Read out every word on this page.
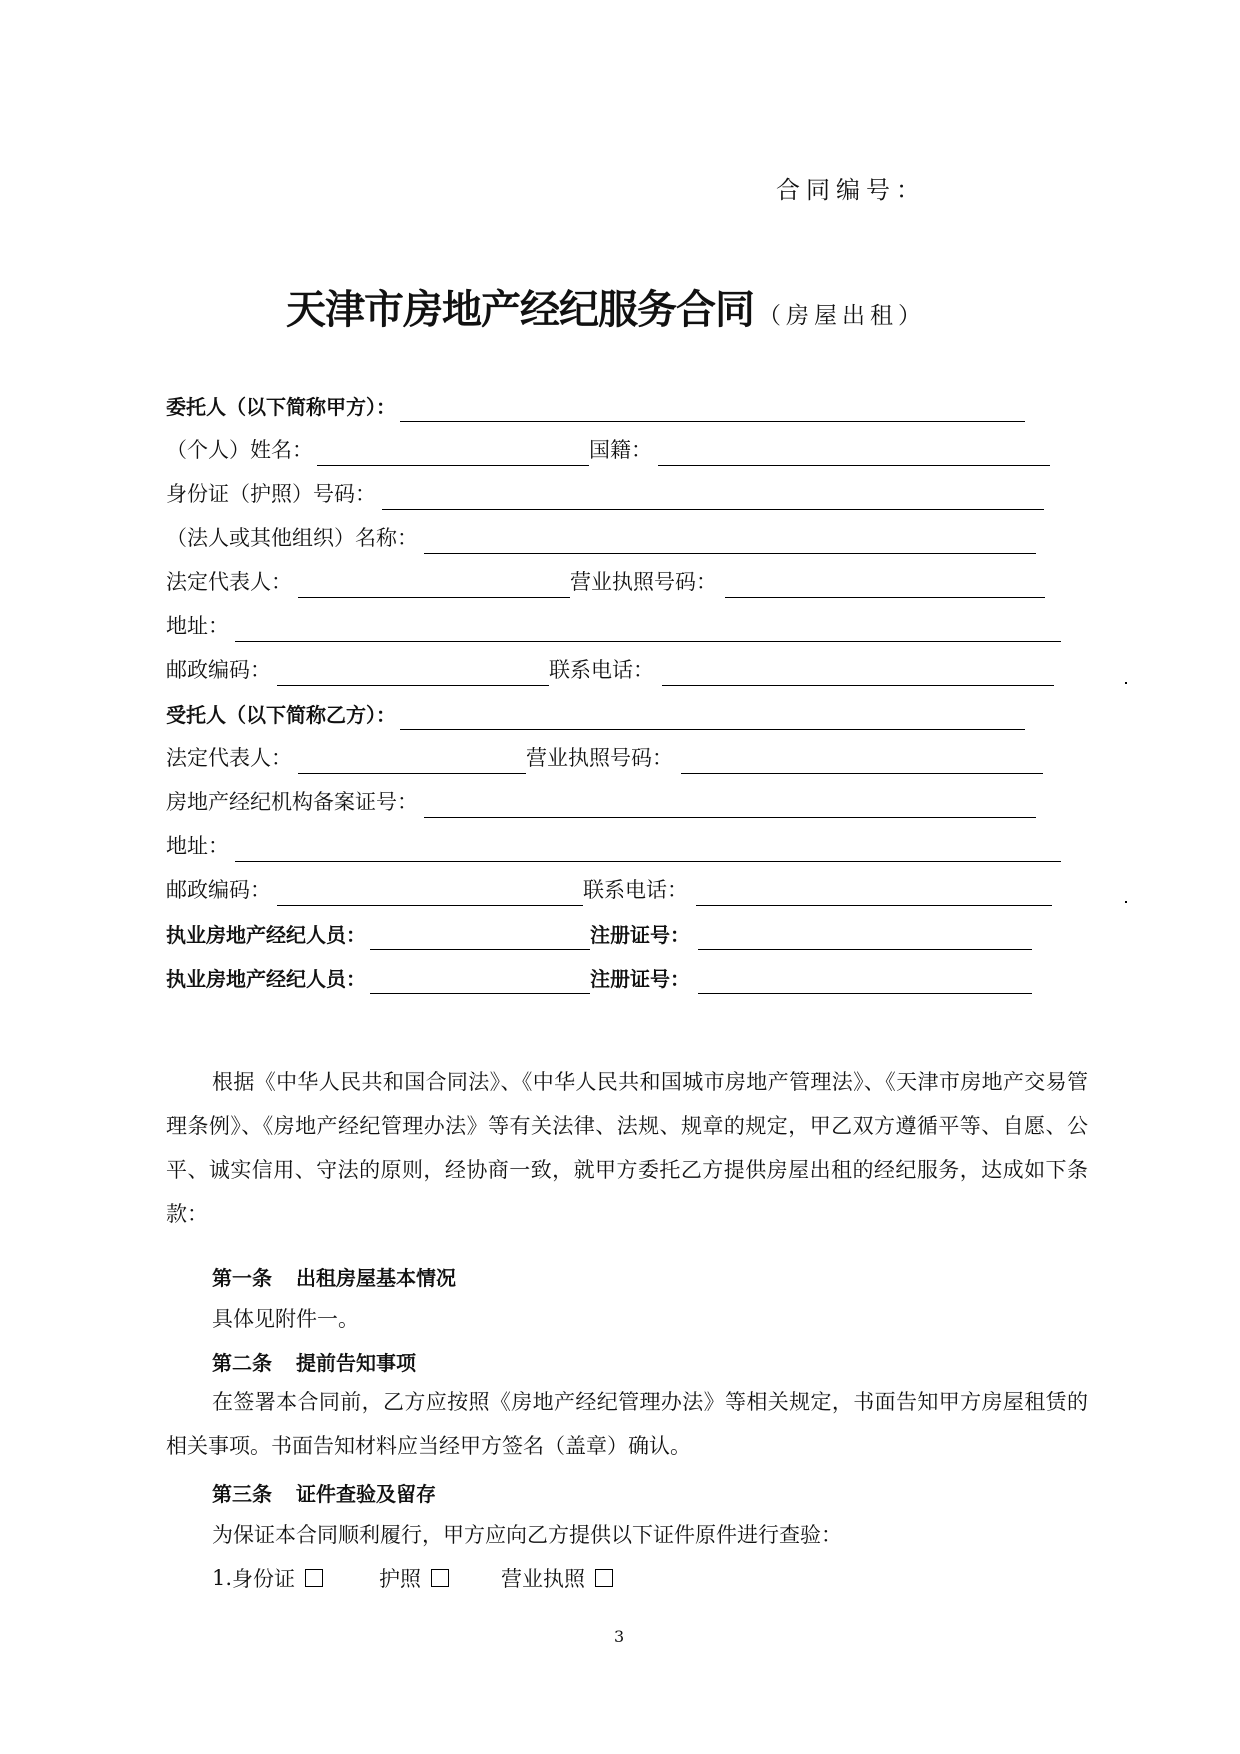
合同编号：
天津市房地产经纪服务合同 （房屋出租）
委托人（以下简称甲方）：
（个人）姓名：	国籍：
身份证（护照）号码：
（法人或其他组织）名称：
法定代表人：	营业执照号码：
地址：
邮政编码：	联系电话：
受托人（以下简称乙方）：
法定代表人：	营业执照号码：
房地产经纪机构备案证号：
地址：
邮政编码：	联系电话：
执业房地产经纪人员：	注册证号：
执业房地产经纪人员：	注册证号：

根据《中华人民共和国合同法》、《中华人民共和国城市房地产管理法》、《天津市房地产交易管理条例》、《房地产经纪管理办法》等有关法律、法规、规章的规定，甲乙双方遵循平等、自愿、公平、诚实信用、守法的原则，经协商一致，就甲方委托乙方提供房屋出租的经纪服务，达成如下条款：

第一条 出租房屋基本情况
具体见附件一。
第二条 提前告知事项

在签署本合同前，乙方应按照《房地产经纪管理办法》等相关规定，书面告知甲方房屋租赁的相关事项。书面告知材料应当经甲方签名（盖章）确认。

第三条 证件查验及留存
为保证本合同顺利履行，甲方应向乙方提供以下证件原件进行查验：
1. 身份证	护照	营业执照
3
